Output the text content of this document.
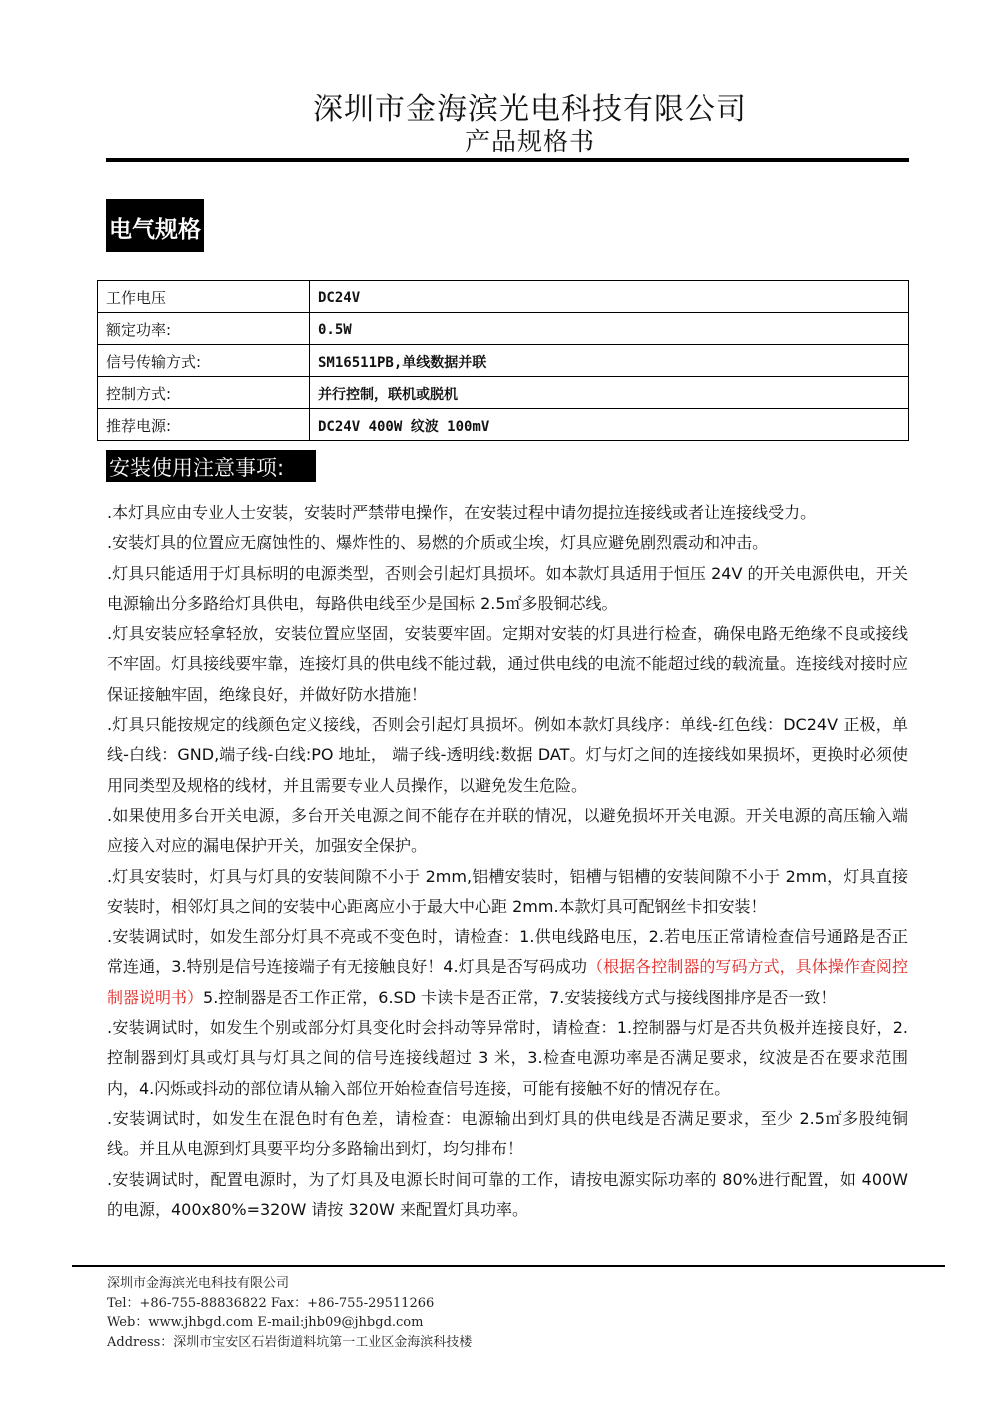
深圳市金海滨光电科技有限公司
产品规格书
电气规格
工作电压	DC24V
额定功率:	0.5W
信号传输方式:	SM16511PB,单线数据并联
控制方式:	并行控制，联机或脱机
推荐电源:	DC24V 400W 纹波 100mV
安装使用注意事项:

.本灯具应由专业人士安装，安装时严禁带电操作，在安装过程中请勿提拉连接线或者让连接线受力。

.安装灯具的位置应无腐蚀性的、爆炸性的、易燃的介质或尘埃，灯具应避免剧烈震动和冲击。

.灯具只能适用于灯具标明的电源类型，否则会引起灯具损坏。如本款灯具适用于恒压 24V 的开关电源供电，开关电源输出分多路给灯具供电，每路供电线至少是国标 2.5㎡多股铜芯线。

.灯具安装应轻拿轻放，安装位置应坚固，安装要牢固。定期对安装的灯具进行检查，确保电路无绝缘不良或接线不牢固。灯具接线要牢靠，连接灯具的供电线不能过载，通过供电线的电流不能超过线的载流量。连接线对接时应保证接触牢固，绝缘良好，并做好防水措施！

.灯具只能按规定的线颜色定义接线，否则会引起灯具损坏。例如本款灯具线序：单线-红色线：DC24V 正极，单线-白线：GND,端子线-白线:PO 地址， 端子线-透明线:数据 DAT。灯与灯之间的连接线如果损坏，更换时必须使用同类型及规格的线材，并且需要专业人员操作，以避免发生危险。

.如果使用多台开关电源，多台开关电源之间不能存在并联的情况，以避免损坏开关电源。开关电源的高压输入端应接入对应的漏电保护开关，加强安全保护。

.灯具安装时，灯具与灯具的安装间隙不小于 2mm,铝槽安装时，铝槽与铝槽的安装间隙不小于 2mm，灯具直接安装时，相邻灯具之间的安装中心距离应小于最大中心距 2mm.本款灯具可配钢丝卡扣安装！

.安装调试时，如发生部分灯具不亮或不变色时，请检查：1.供电线路电压，2.若电压正常请检查信号通路是否正常连通，3.特别是信号连接端子有无接触良好！4.灯具是否写码成功（根据各控制器的写码方式，具体操作查阅控制器说明书）5.控制器是否工作正常，6.SD 卡读卡是否正常，7.安装接线方式与接线图排序是否一致！

.安装调试时，如发生个别或部分灯具变化时会抖动等异常时，请检查：1.控制器与灯是否共负极并连接良好，2.控制器到灯具或灯具与灯具之间的信号连接线超过 3 米，3.检查电源功率是否满足要求，纹波是否在要求范围内，4.闪烁或抖动的部位请从输入部位开始检查信号连接，可能有接触不好的情况存在。

.安装调试时，如发生在混色时有色差，请检查：电源输出到灯具的供电线是否满足要求，至少 2.5㎡多股纯铜线。并且从电源到灯具要平均分多路输出到灯，均匀排布！

.安装调试时，配置电源时，为了灯具及电源长时间可靠的工作，请按电源实际功率的 80%进行配置，如 400W 的电源，400x80%=320W 请按 320W 来配置灯具功率。

深圳市金海滨光电科技有限公司
Tel：+86-755-88836822 Fax：+86-755-29511266
Web：www.jhbgd.com E-mail:jhb09@jhbgd.com
Address：深圳市宝安区石岩街道料坑第一工业区金海滨科技楼
